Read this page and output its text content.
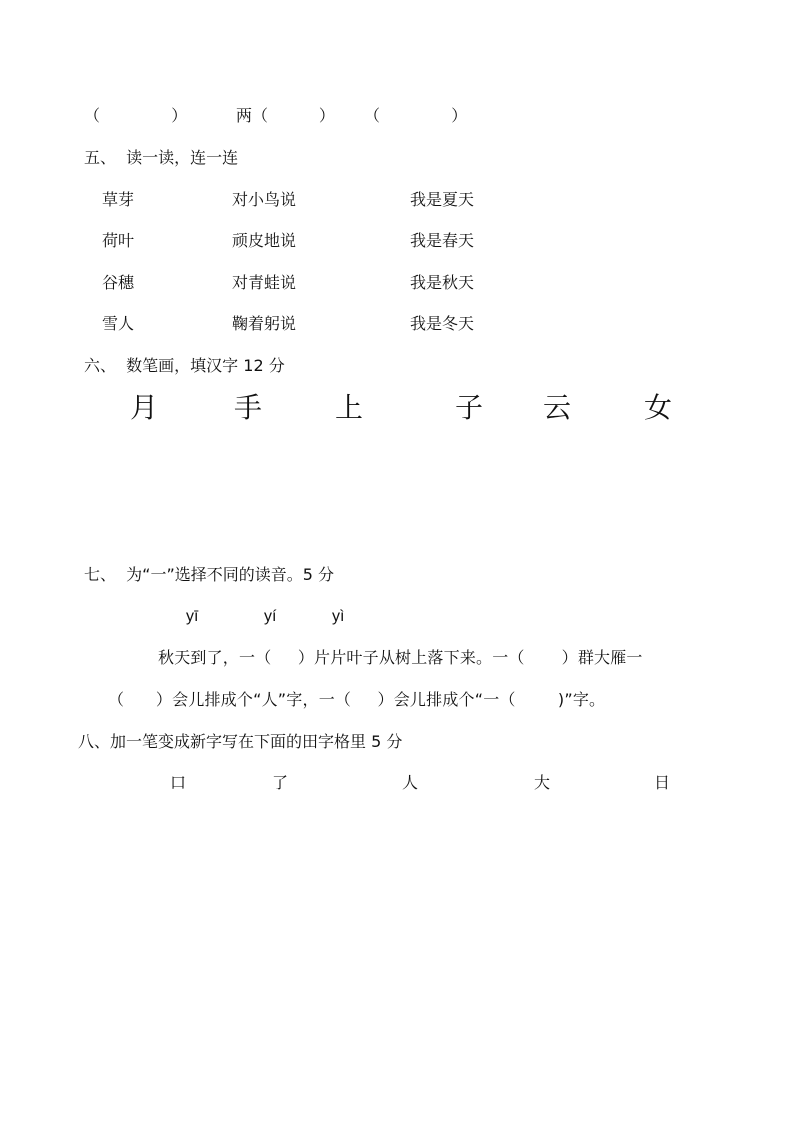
（              ）	两（          ） （              ）
五、  读一读，连一连
草芽	对小鸟说	我是夏天
荷叶	顽皮地说	我是春天
谷穗	对青蛙说	我是秋天
雪人	鞠着躬说	我是冬天
六、  数笔画，填汉字 12 分
月	手	上	子 云	女
七、  为“一”选择不同的读音。5 分
yī	yí	yì
秋天到了，一（     ）片片叶子从树上落下来。一（       ）群大雁一
（      ）会儿排成个“人”字，一（     ）会儿排成个“一（        )”字。
八、加一笔变成新字写在下面的田字格里 5 分
口	了	人	大	日
